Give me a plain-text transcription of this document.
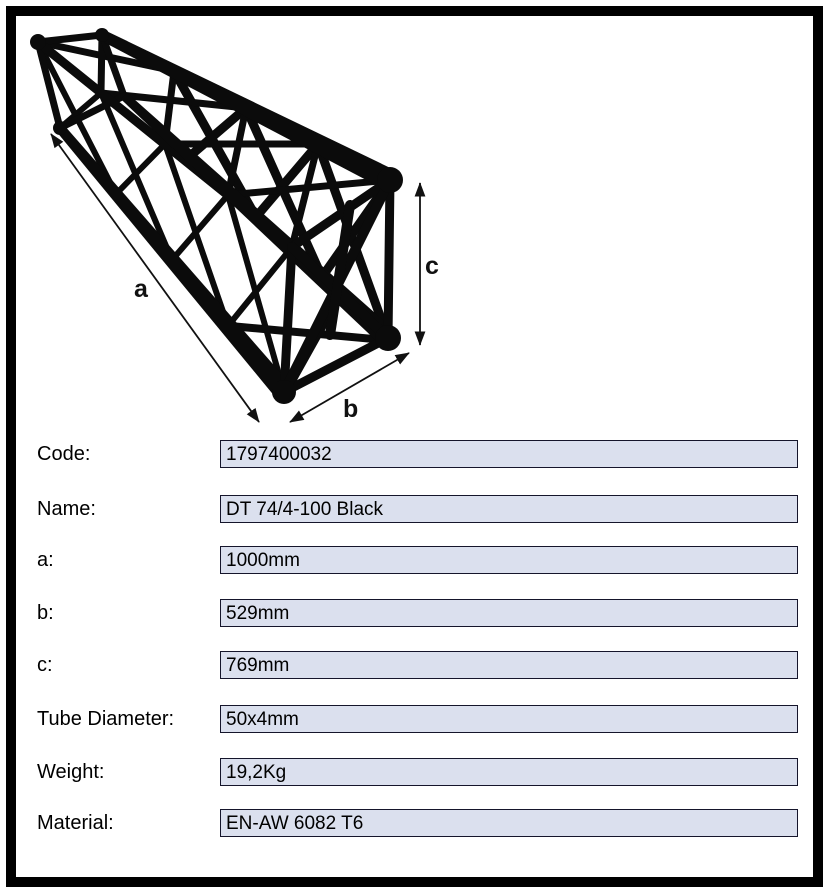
a
b
c
Code:	1797400032
Name:	DT 74/4-100 Black
a:	1000mm
b:	529mm
c:	769mm
Tube Diameter:	50x4mm
Weight:	19,2Kg
Material:	EN-AW 6082 T6
